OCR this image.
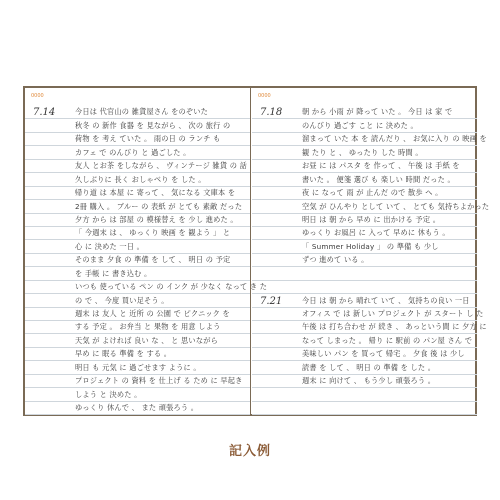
0000
7.14	今日は 代官山の 雑貨屋さん をのぞいた
秋冬 の 新作 食器 を 見ながら 、 次の 旅行 の
荷物 を 考え ていた 。 雨の日 の ランチ も
カフェ で のんびり と 過ごした 。
友人 とお茶 をしながら 、 ヴィンテージ 雑貨 の 話
久しぶりに 長く おしゃべり を した 。
帰り道 は 本屋 に 寄って 、 気になる 文庫本 を
2冊 購入 。 ブルー の 表紙 が とても 素敵 だった
夕方 から は 部屋 の 模様替え を 少し 進めた 。
「 今週末 は 、 ゆっくり 映画 を 観よう 」 と
心 に 決めた 一日 。
そのまま 夕食 の 準備 を して 、 明日 の 予定
を 手帳 に 書き込む 。
いつも 使っている ペン の インク が 少なく なって き た
の で 、 今度 買い足そう 。
週末 は 友人 と 近所 の 公園 で ピクニック を
する 予定 。 お弁当 と 果物 を 用意 しよう
天気 が よければ 良い な 、 と 思いながら
早め に 眠る 準備 を する 。
明日 も 元気 に 過ごせます ように 。
プロジェクト の 資料 を 仕上げ る ため に 早起き
しよう と 決めた 。
ゆっくり 休んで 、 また 頑張ろう 。
0000
7.18	朝 から 小雨 が 降って いた 。 今日 は 家 で
のんびり 過ごす こと に 決めた 。
溜まって いた 本 を 読んだり 、 お気に入り の 映画 を
観 たり と 、 ゆったり した 時間 。
お昼 に は パスタ を 作って 、 午後 は 手紙 を
書いた 。 便箋 選び も 楽しい 時間 だった 。
夜 に なって 雨 が 止んだ ので 散歩 へ 。
空気 が ひんやり として いて 、 とても 気持ちよかった
明日 は 朝 から 早め に 出かける 予定 。
ゆっくり お風呂 に 入って 早めに 休もう 。
「 Summer Holiday 」 の 準備 も 少し
ずつ 進めて いる 。
7.21	今日 は 朝 から 晴れて いて 、 気持ちの良い 一日
オフィス で は 新しい プロジェクト が スタート し た
午後 は 打ち合わせ が 続き 、 あっという間 に 夕方 に
なって しまった 。 帰り に 駅前 の パン屋 さん で
美味しい パン を 買って 帰宅 。 夕食 後 は 少し
読書 を して 、 明日 の 準備 を した 。
週末 に 向けて 、 もう少し 頑張ろう 。
記入例
